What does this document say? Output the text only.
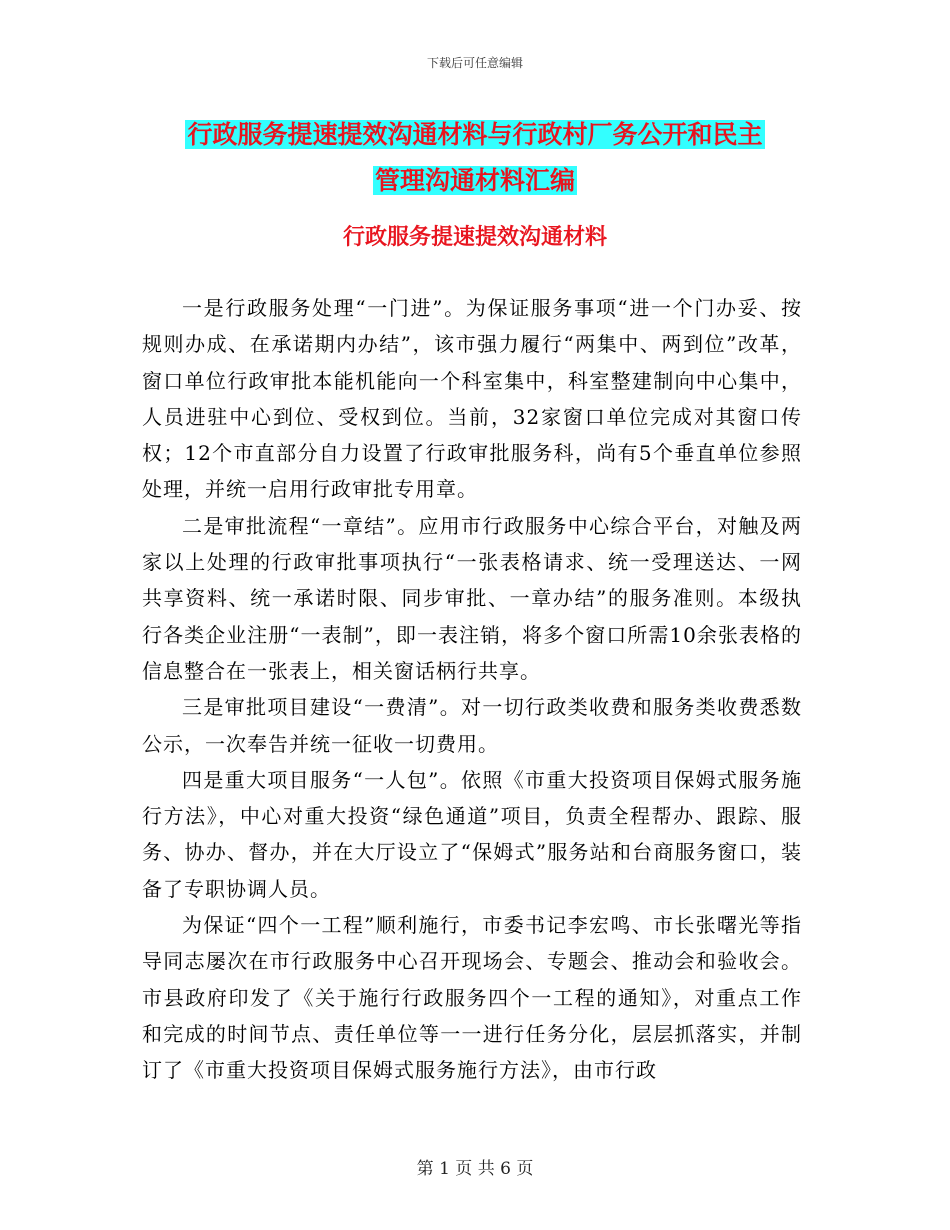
下载后可任意编辑
行政服务提速提效沟通材料与行政村厂务公开和民主
管理沟通材料汇编
行政服务提速提效沟通材料

一是行政服务处理“一门进”。为保证服务事项“进一个门办妥、按规则办成、在承诺期内办结”，该市强力履行“两集中、两到位”改革，窗口单位行政审批本能机能向一个科室集中，科室整建制向中心集中，人员进驻中心到位、受权到位。当前，32家窗口单位完成对其窗口传权；12个市直部分自力设置了行政审批服务科，尚有5个垂直单位参照处理，并统一启用行政审批专用章。

二是审批流程“一章结”。应用市行政服务中心综合平台，对触及两家以上处理的行政审批事项执行“一张表格请求、统一受理送达、一网共享资料、统一承诺时限、同步审批、一章办结”的服务准则。本级执行各类企业注册“一表制”，即一表注销，将多个窗口所需10余张表格的信息整合在一张表上，相关窗话柄行共享。

三是审批项目建设“一费清”。对一切行政类收费和服务类收费悉数公示，一次奉告并统一征收一切费用。

四是重大项目服务“一人包”。依照《市重大投资项目保姆式服务施行方法》，中心对重大投资“绿色通道”项目，负责全程帮办、跟踪、服务、协办、督办，并在大厅设立了“保姆式”服务站和台商服务窗口，装备了专职协调人员。

为保证“四个一工程”顺利施行，市委书记李宏鸣、市长张曙光等指导同志屡次在市行政服务中心召开现场会、专题会、推动会和验收会。市县政府印发了《关于施行行政服务四个一工程的通知》，对重点工作和完成的时间节点、责任单位等一一进行任务分化，层层抓落实，并制订了《市重大投资项目保姆式服务施行方法》，由市行政

第 1 页 共 6 页
